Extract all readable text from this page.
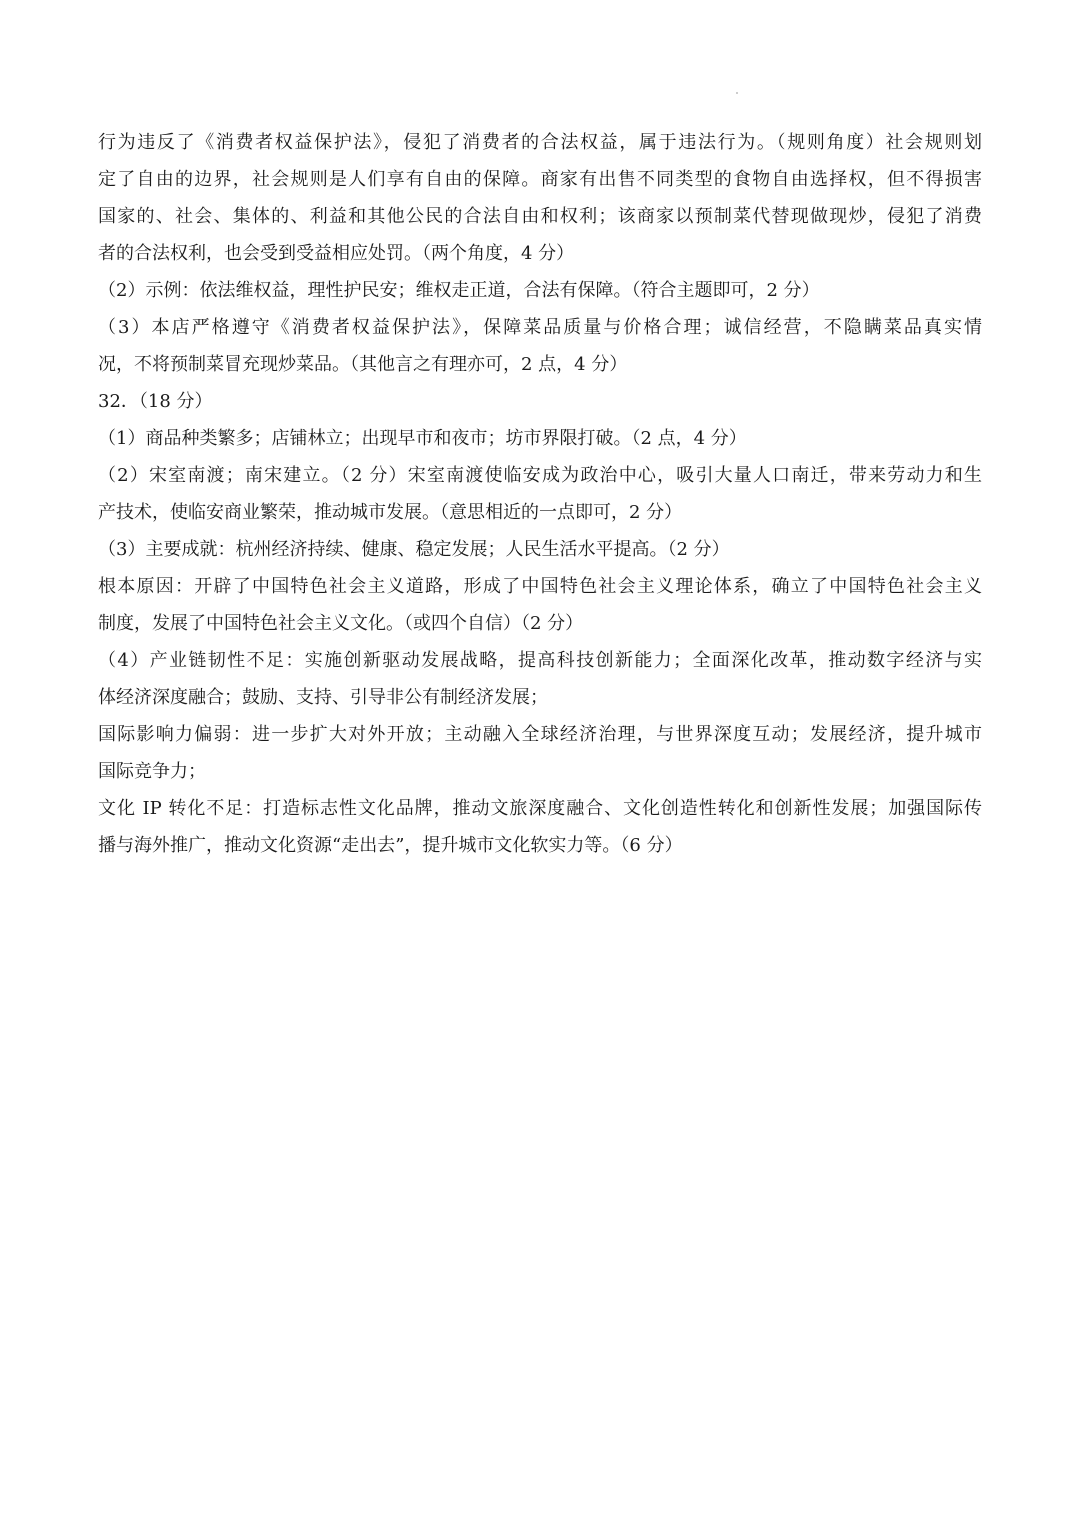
行为违反了《消费者权益保护法》，侵犯了消费者的合法权益，属于违法行为。（规则角度）社会规则划
定了自由的边界，社会规则是人们享有自由的保障。商家有出售不同类型的食物自由选择权，但不得损害
国家的、社会、集体的、利益和其他公民的合法自由和权利；该商家以预制菜代替现做现炒，侵犯了消费
者的合法权利，也会受到受益相应处罚。（两个角度，4 分）
（2）示例：依法维权益，理性护民安；维权走正道，合法有保障。（符合主题即可，2 分）
（3）本店严格遵守《消费者权益保护法》，保障菜品质量与价格合理；诚信经营，不隐瞒菜品真实情
况，不将预制菜冒充现炒菜品。（其他言之有理亦可，2 点，4 分）
32．（18 分）
（1）商品种类繁多；店铺林立；出现早市和夜市；坊市界限打破。（2 点，4 分）
（2）宋室南渡；南宋建立。（2 分）宋室南渡使临安成为政治中心，吸引大量人口南迁，带来劳动力和生
产技术，使临安商业繁荣，推动城市发展。（意思相近的一点即可，2 分）
（3）主要成就：杭州经济持续、健康、稳定发展；人民生活水平提高。（2 分）
根本原因：开辟了中国特色社会主义道路，形成了中国特色社会主义理论体系，确立了中国特色社会主义
制度，发展了中国特色社会主义文化。（或四个自信）（2 分）
（4）产业链韧性不足：实施创新驱动发展战略，提高科技创新能力；全面深化改革，推动数字经济与实
体经济深度融合；鼓励、支持、引导非公有制经济发展；
国际影响力偏弱：进一步扩大对外开放；主动融入全球经济治理，与世界深度互动；发展经济，提升城市
国际竞争力；
文化 IP 转化不足：打造标志性文化品牌，推动文旅深度融合、文化创造性转化和创新性发展；加强国际传
播与海外推广，推动文化资源“走出去”，提升城市文化软实力等。（6 分）
